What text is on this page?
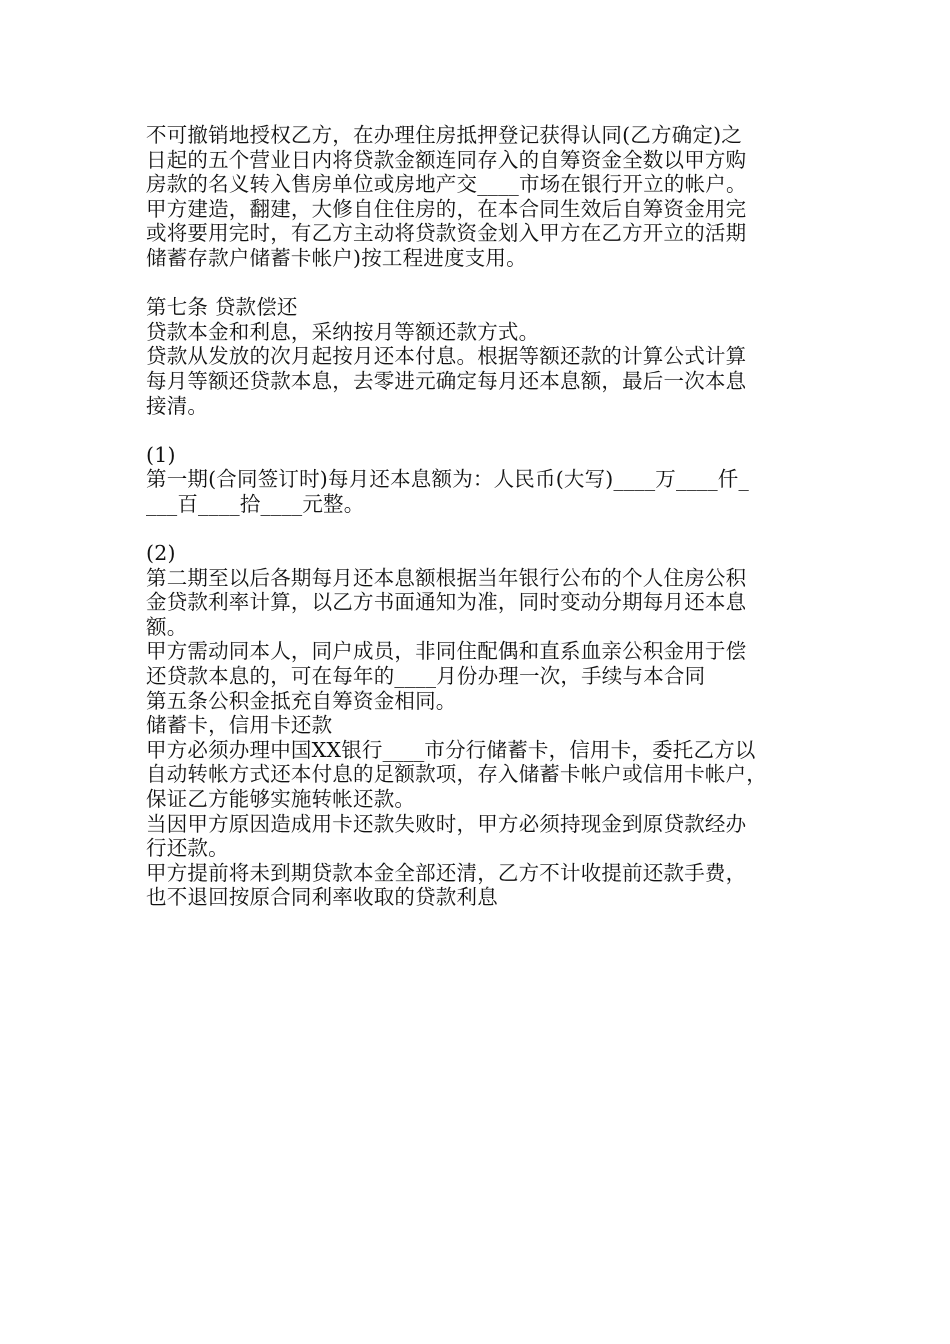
不可撤销地授权乙方，在办理住房抵押登记获得认同(乙方确定)之
日起的五个营业日内将贷款金额连同存入的自筹资金全数以甲方购
房款的名义转入售房单位或房地产交____市场在银行开立的帐户。
甲方建造，翻建，大修自住住房的，在本合同生效后自筹资金用完
或将要用完时，有乙方主动将贷款资金划入甲方在乙方开立的活期
储蓄存款户储蓄卡帐户)按工程进度支用。
第七条 贷款偿还
贷款本金和利息，采纳按月等额还款方式。
贷款从发放的次月起按月还本付息。根据等额还款的计算公式计算
每月等额还贷款本息，去零进元确定每月还本息额，最后一次本息
接清。
(1)
第一期(合同签订时)每月还本息额为：人民币(大写)____万____仟_
___百____拾____元整。
(2)
第二期至以后各期每月还本息额根据当年银行公布的个人住房公积
金贷款利率计算，以乙方书面通知为准，同时变动分期每月还本息
额。
甲方需动同本人，同户成员，非同住配偶和直系血亲公积金用于偿
还贷款本息的，可在每年的____月份办理一次，手续与本合同
第五条公积金抵充自筹资金相同。
储蓄卡，信用卡还款
甲方必须办理中国XX银行____市分行储蓄卡，信用卡，委托乙方以
自动转帐方式还本付息的足额款项，存入储蓄卡帐户或信用卡帐户，
保证乙方能够实施转帐还款。
当因甲方原因造成用卡还款失败时，甲方必须持现金到原贷款经办
行还款。
甲方提前将未到期贷款本金全部还清，乙方不计收提前还款手费，
也不退回按原合同利率收取的贷款利息
